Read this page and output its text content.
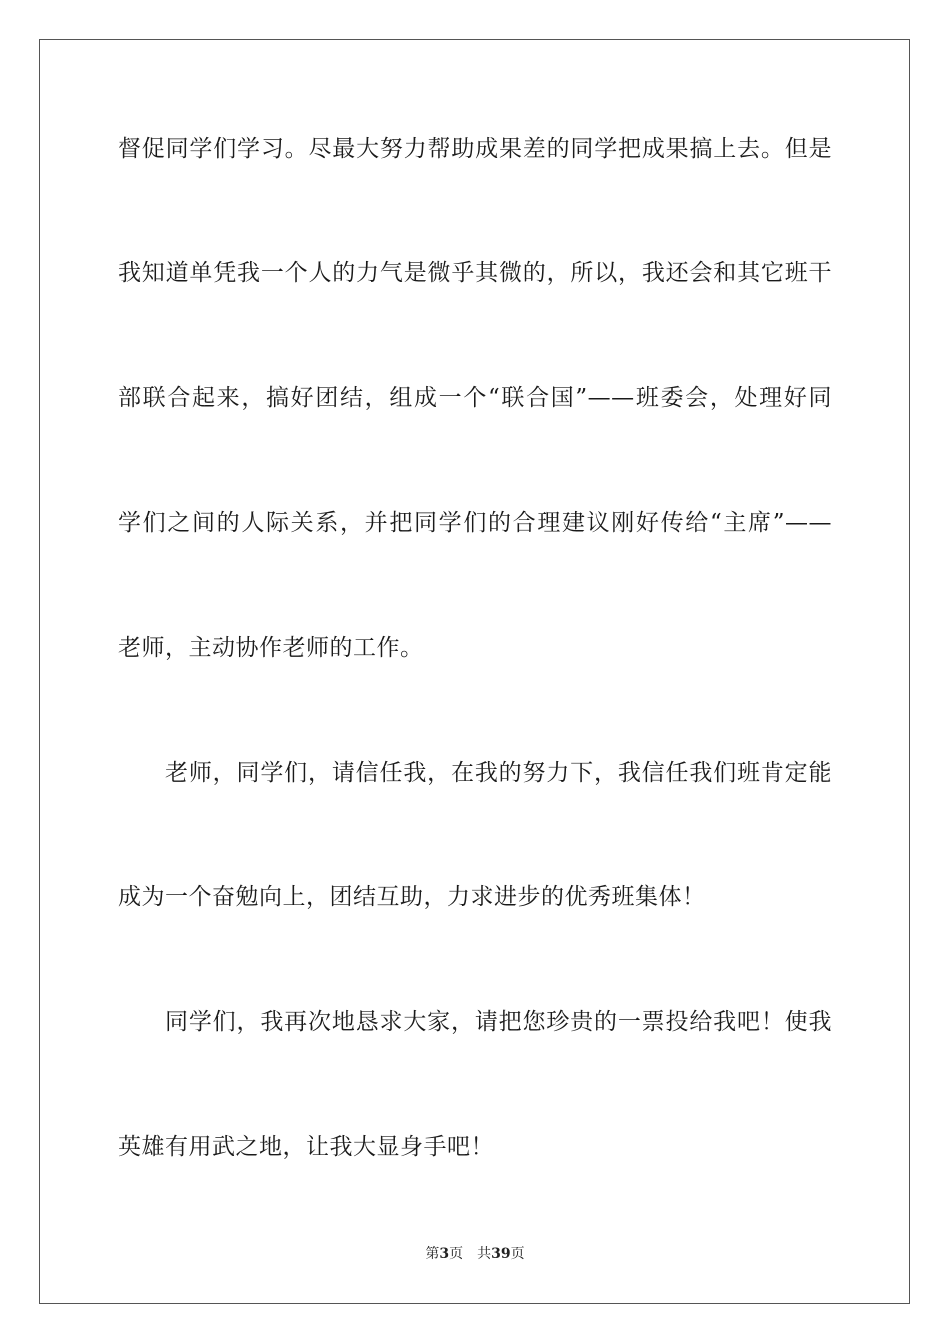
督促同学们学习。尽最大努力帮助成果差的同学把成果搞上去。但是
我知道单凭我一个人的力气是微乎其微的，所以，我还会和其它班干
部联合起来，搞好团结，组成一个“联合国”——班委会，处理好同
学们之间的人际关系，并把同学们的合理建议刚好传给“主席”——
老师，主动协作老师的工作。
老师，同学们，请信任我，在我的努力下，我信任我们班肯定能
成为一个奋勉向上，团结互助，力求进步的优秀班集体！
同学们，我再次地恳求大家，请把您珍贵的一票投给我吧！使我
英雄有用武之地，让我大显身手吧！
第3页 共39页
